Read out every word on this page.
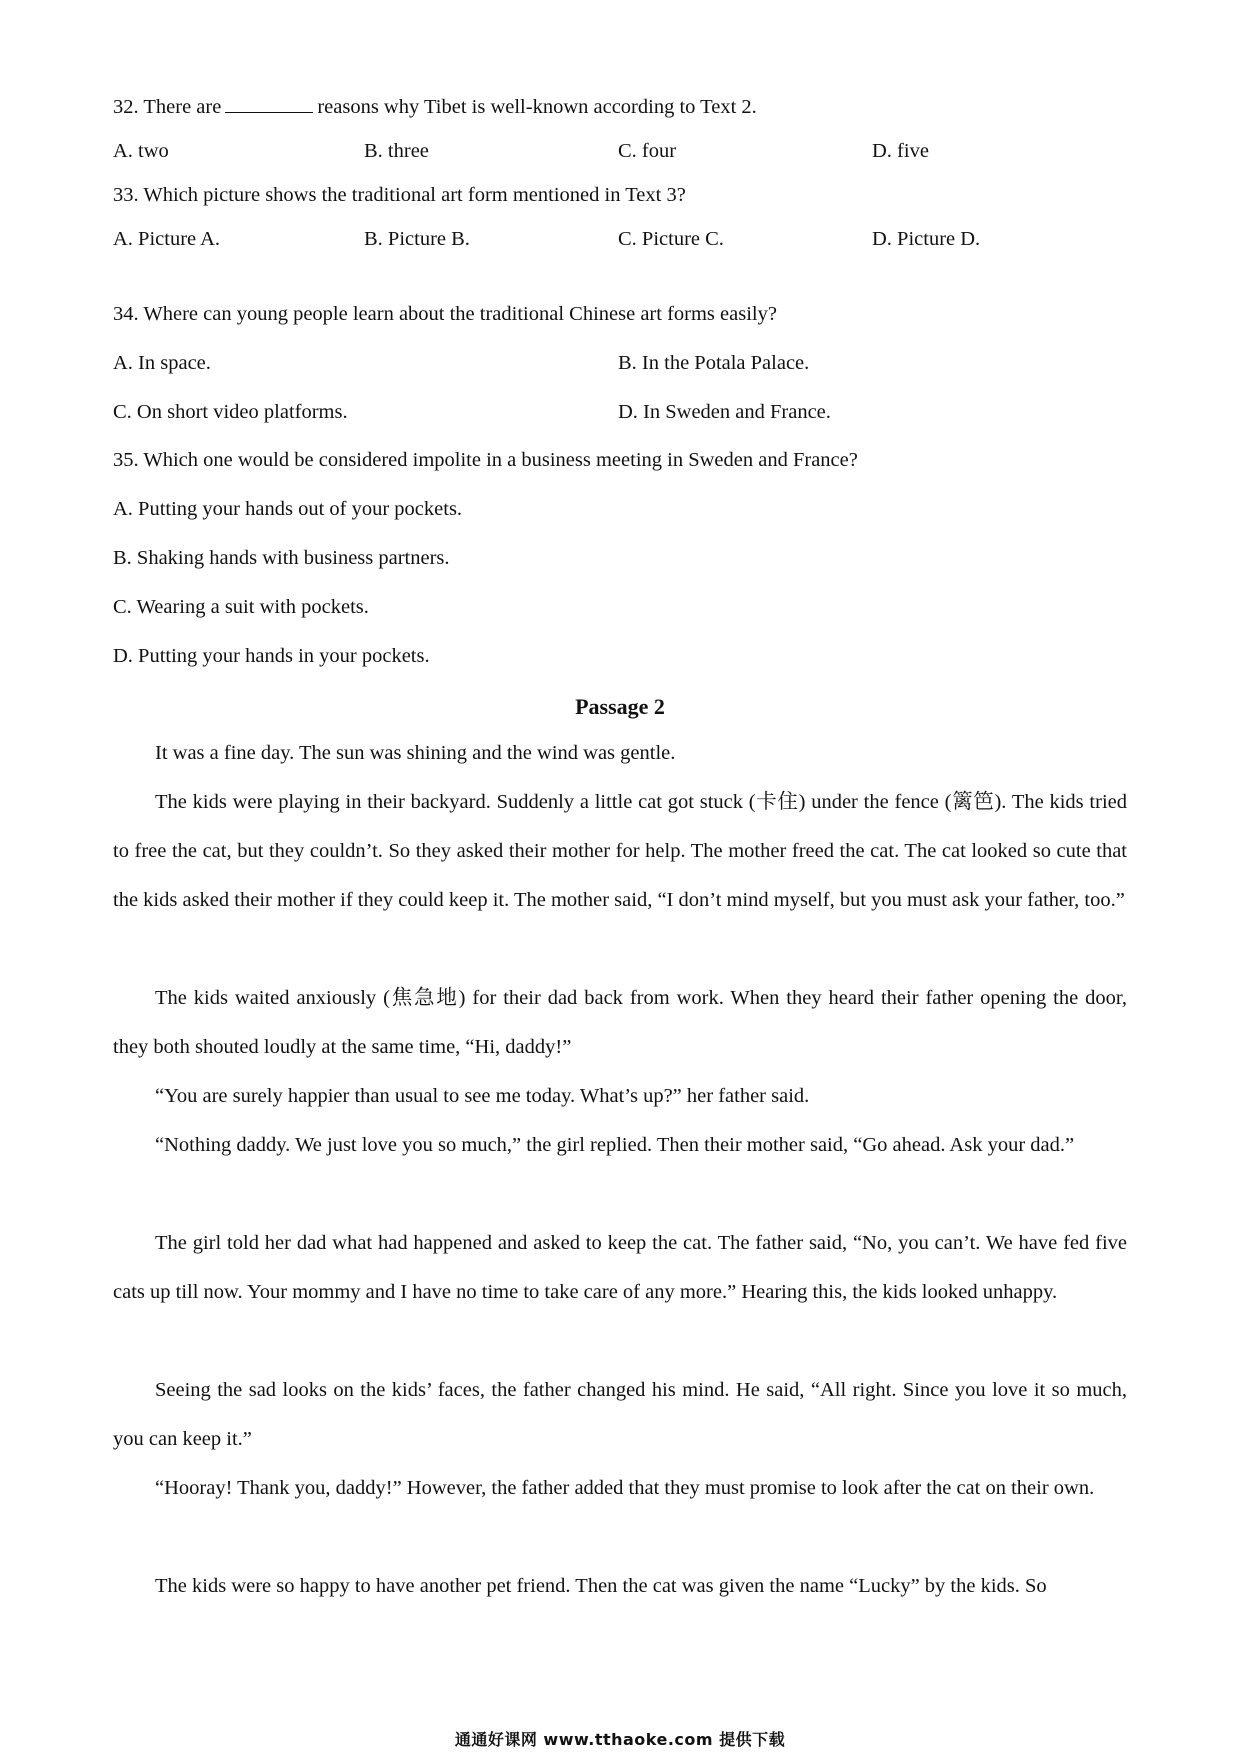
32. There are	reasons why Tibet is well-known according to Text 2.
A. two	B. three	C. four	D. five
33. Which picture shows the traditional art form mentioned in Text 3?
A. Picture A.	B. Picture B.	C. Picture C.	D. Picture D.
34. Where can young people learn about the traditional Chinese art forms easily?
A. In space.	B. In the Potala Palace.
C. On short video platforms.	D. In Sweden and France.
35. Which one would be considered impolite in a business meeting in Sweden and France?
A. Putting your hands out of your pockets.
B. Shaking hands with business partners.
C. Wearing a suit with pockets.
D. Putting your hands in your pockets.
Passage 2
It was a fine day. The sun was shining and the wind was gentle.
The kids were playing in their backyard. Suddenly a little cat got stuck (卡住) under the fence (篱笆). The kids tried to free the cat, but they couldn’t. So they asked their mother for help. The mother freed the cat. The cat looked so cute that the kids asked their mother if they could keep it. The mother said, “I don’t mind myself, but you must ask your father, too.”
The kids waited anxiously (焦急地) for their dad back from work. When they heard their father opening the door, they both shouted loudly at the same time, “Hi, daddy!”
“You are surely happier than usual to see me today. What’s up?” her father said.
“Nothing daddy. We just love you so much,” the girl replied. Then their mother said, “Go ahead. Ask your dad.”
The girl told her dad what had happened and asked to keep the cat. The father said, “No, you can’t. We have fed five cats up till now. Your mommy and I have no time to take care of any more.” Hearing this, the kids looked unhappy.
Seeing the sad looks on the kids’ faces, the father changed his mind. He said, “All right. Since you love it so much, you can keep it.”
“Hooray! Thank you, daddy!” However, the father added that they must promise to look after the cat on their own.
The kids were so happy to have another pet friend. Then the cat was given the name “Lucky” by the kids. So
通通好课网 www.tthaoke.com 提供下载
